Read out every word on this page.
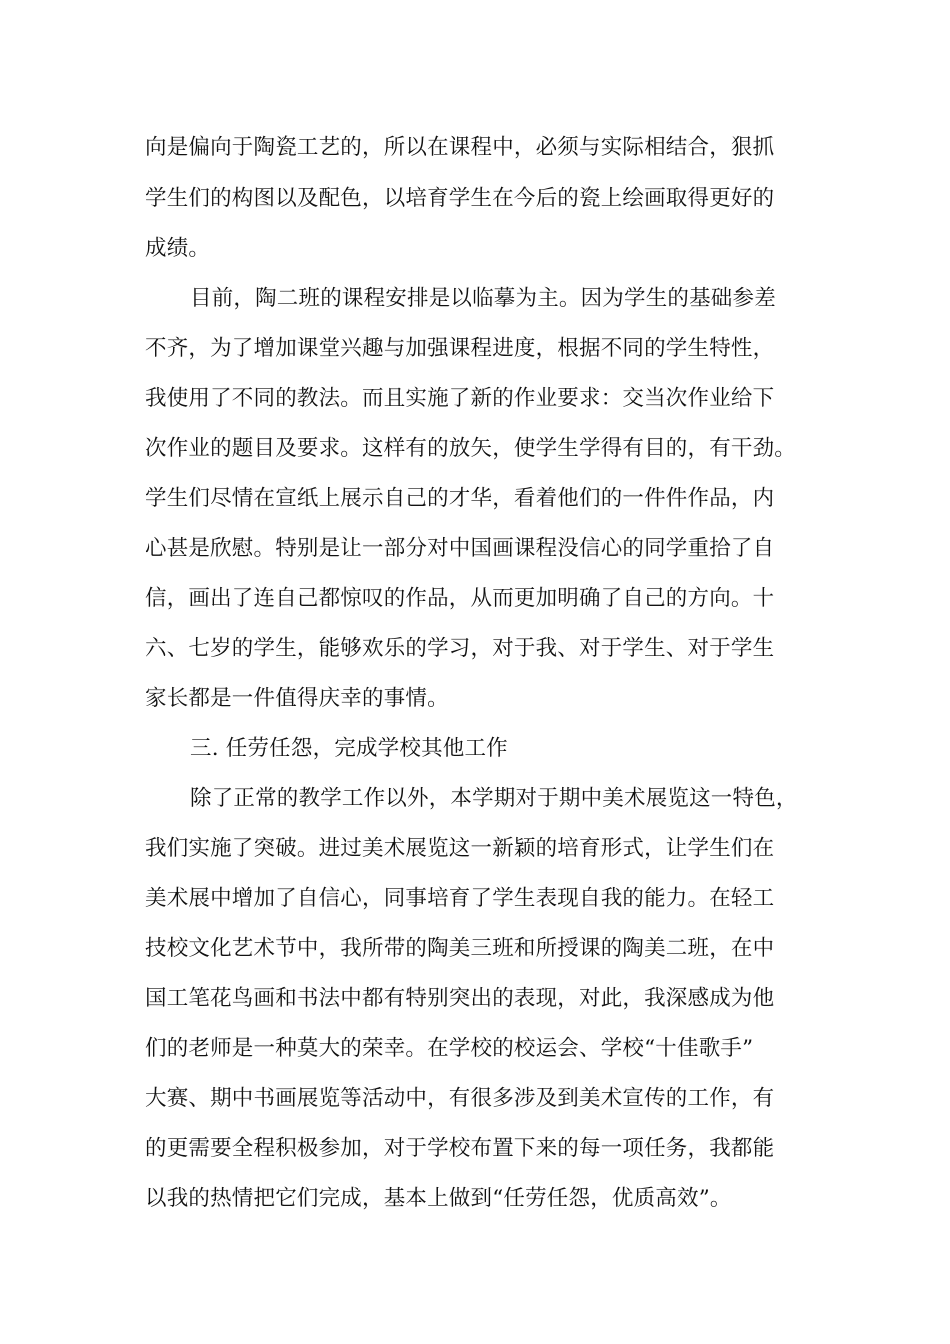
向是偏向于陶瓷工艺的，所以在课程中，必须与实际相结合，狠抓
学生们的构图以及配色，以培育学生在今后的瓷上绘画取得更好的
成绩。
目前，陶二班的课程安排是以临摹为主。因为学生的基础参差
不齐，为了增加课堂兴趣与加强课程进度，根据不同的学生特性，
我使用了不同的教法。而且实施了新的作业要求：交当次作业给下
次作业的题目及要求。这样有的放矢，使学生学得有目的，有干劲。
学生们尽情在宣纸上展示自己的才华，看着他们的一件件作品，内
心甚是欣慰。特别是让一部分对中国画课程没信心的同学重拾了自
信，画出了连自己都惊叹的作品，从而更加明确了自己的方向。十
六、七岁的学生，能够欢乐的学习，对于我、对于学生、对于学生
家长都是一件值得庆幸的事情。
三. 任劳任怨，完成学校其他工作
除了正常的教学工作以外，本学期对于期中美术展览这一特色，
我们实施了突破。进过美术展览这一新颖的培育形式，让学生们在
美术展中增加了自信心，同事培育了学生表现自我的能力。在轻工
技校文化艺术节中，我所带的陶美三班和所授课的陶美二班，在中
国工笔花鸟画和书法中都有特别突出的表现，对此，我深感成为他
们的老师是一种莫大的荣幸。在学校的校运会、学校“十佳歌手”
大赛、期中书画展览等活动中，有很多涉及到美术宣传的工作，有
的更需要全程积极参加，对于学校布置下来的每一项任务，我都能
以我的热情把它们完成，基本上做到“任劳任怨，优质高效”。
